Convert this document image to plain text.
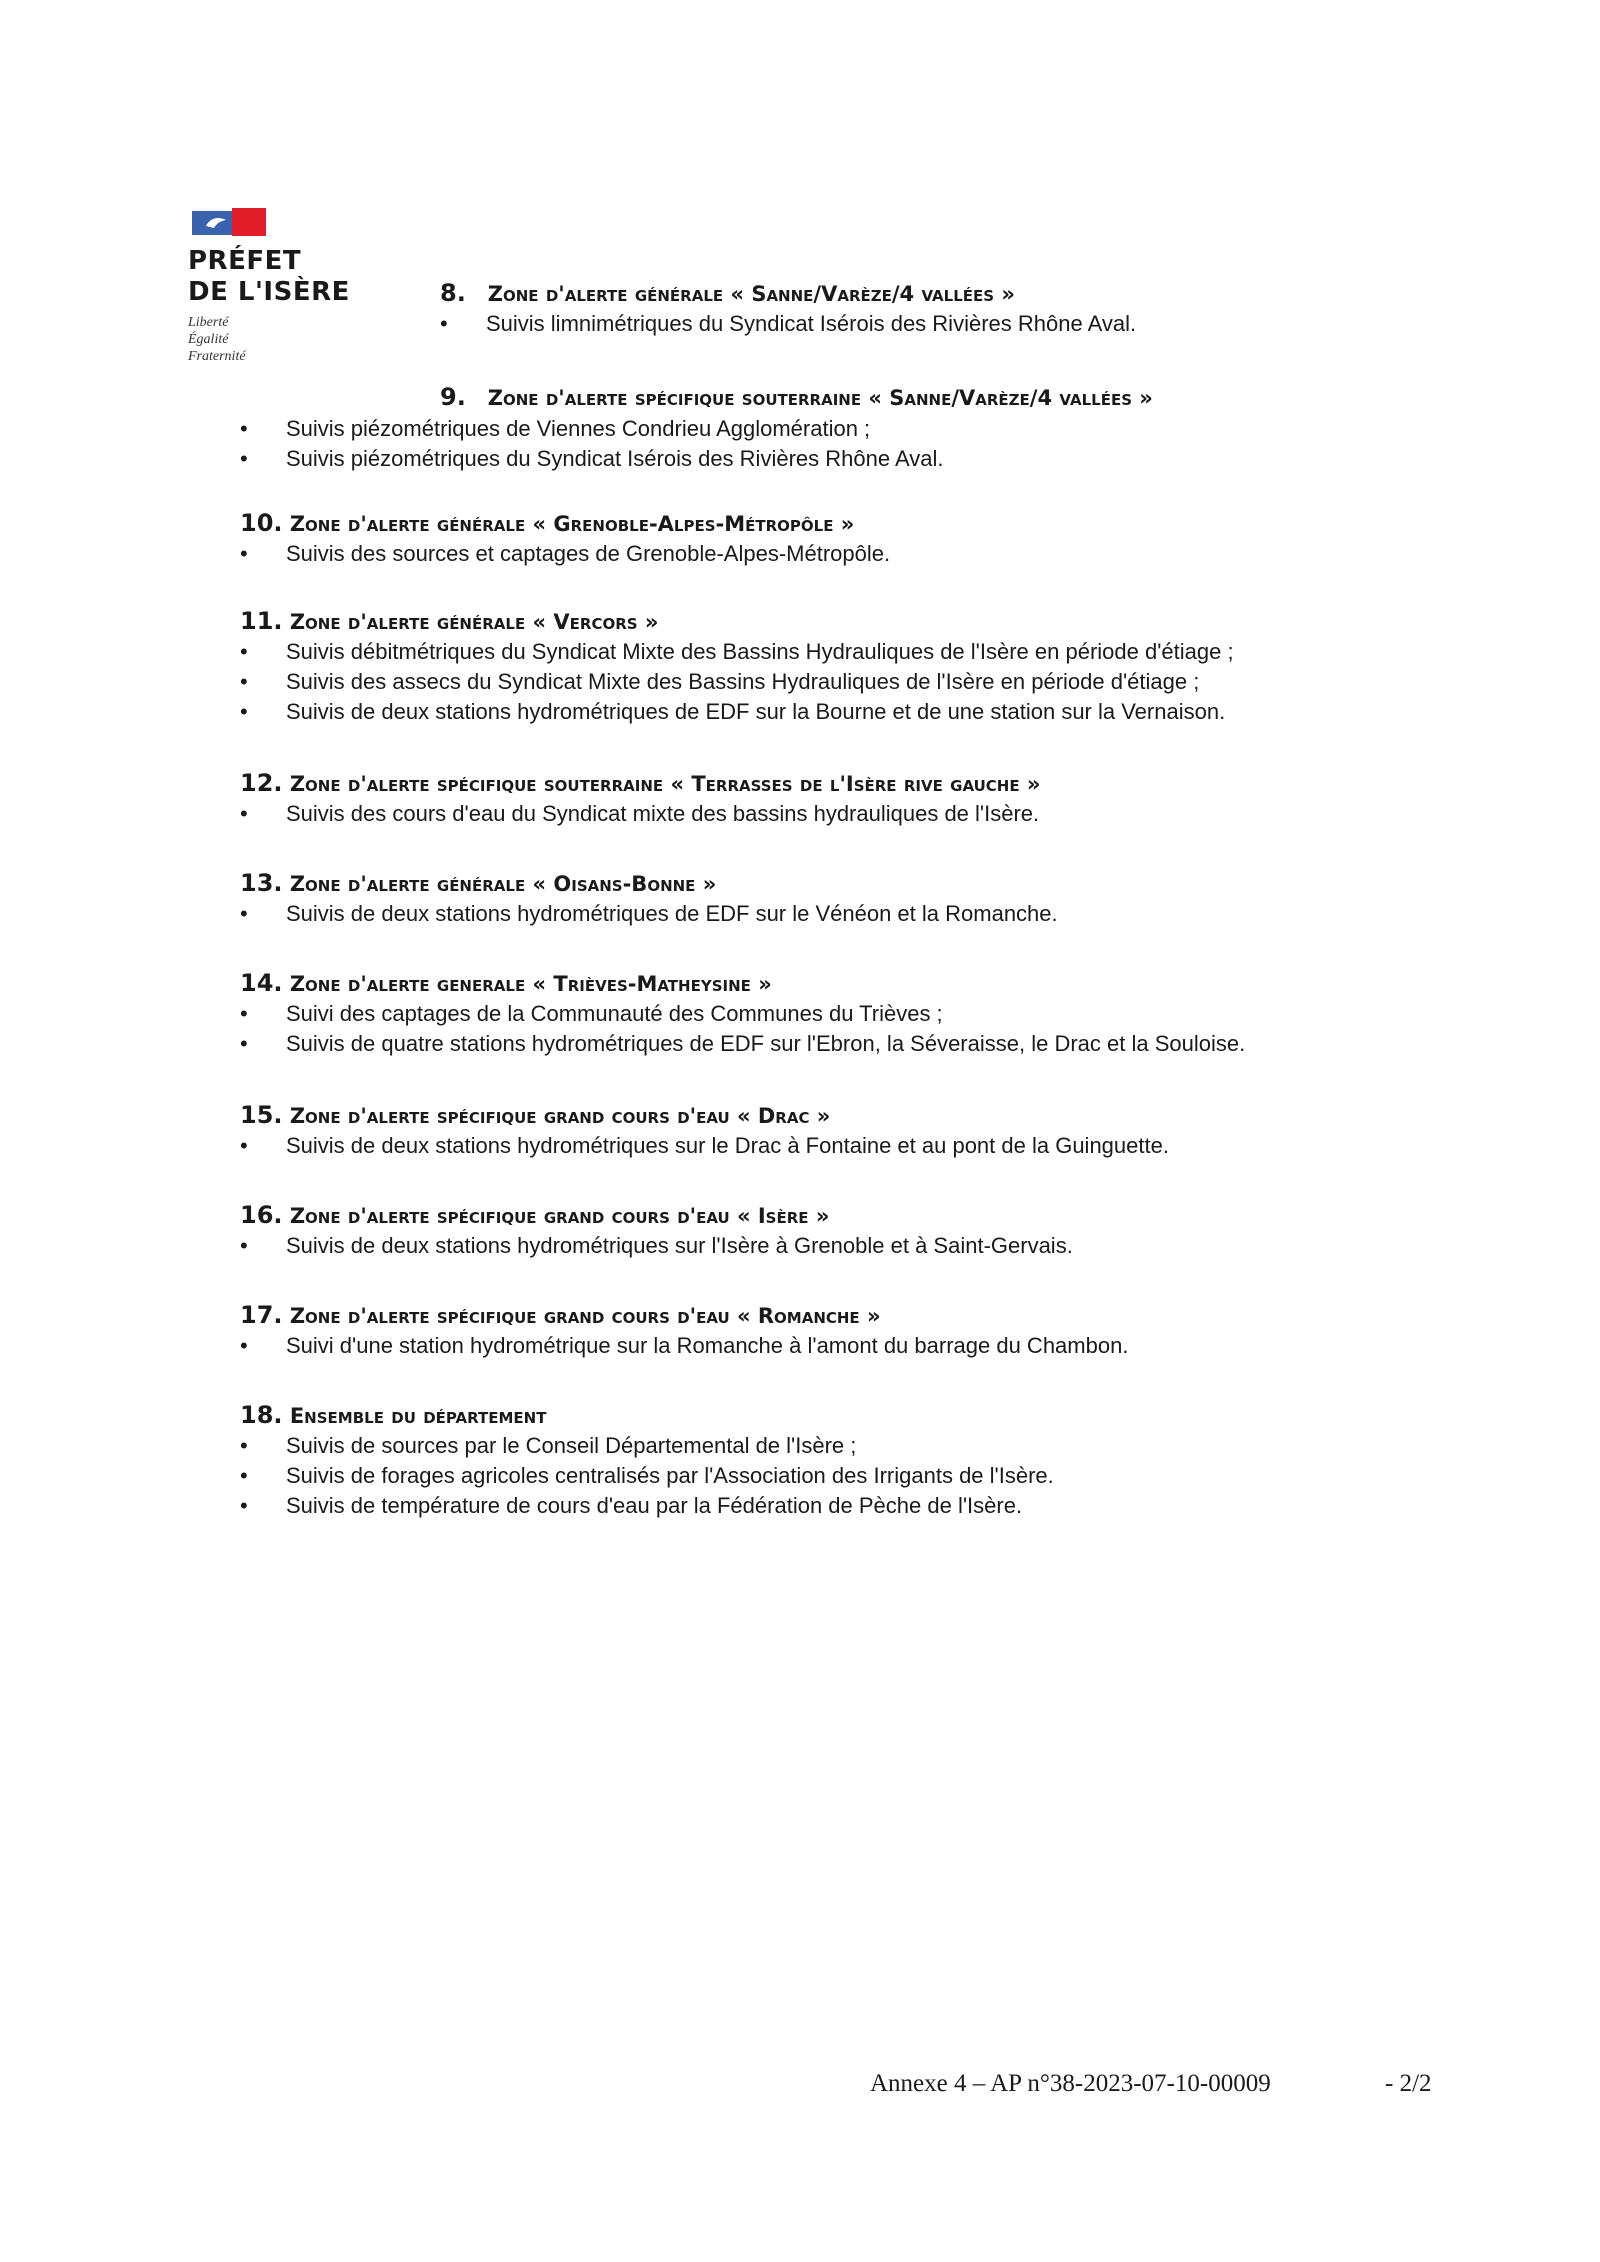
PRÉFET
DE L'ISÈRE
Liberté
Égalité
Fraternité
8. Zone d'alerte générale « Sanne/Varèze/4 vallées »
• Suivis limnimétriques du Syndicat Isérois des Rivières Rhône Aval.
9. Zone d'alerte spécifique souterraine « Sanne/Varèze/4 vallées »
• Suivis piézométriques de Viennes Condrieu Agglomération ;
• Suivis piézométriques du Syndicat Isérois des Rivières Rhône Aval.
10. Zone d'alerte générale « Grenoble-Alpes-Métropôle »
• Suivis des sources et captages de Grenoble-Alpes-Métropôle.
11. Zone d'alerte générale « Vercors »
• Suivis débitmétriques du Syndicat Mixte des Bassins Hydrauliques de l'Isère en période d'étiage ;
• Suivis des assecs du Syndicat Mixte des Bassins Hydrauliques de l'Isère en période d'étiage ;
• Suivis de deux stations hydrométriques de EDF sur la Bourne et de une station sur la Vernaison.
12. Zone d'alerte spécifique souterraine « Terrasses de l'Isère rive gauche »
• Suivis des cours d'eau du Syndicat mixte des bassins hydrauliques de l'Isère.
13. Zone d'alerte générale « Oisans-Bonne »
• Suivis de deux stations hydrométriques de EDF sur le Vénéon et la Romanche.
14. Zone d'alerte generale « Trièves-Matheysine »
• Suivi des captages de la Communauté des Communes du Trièves ;
• Suivis de quatre stations hydrométriques de EDF sur l'Ebron, la Séveraisse, le Drac et la Souloise.
15. Zone d'alerte spécifique grand cours d'eau « Drac »
• Suivis de deux stations hydrométriques sur le Drac à Fontaine et au pont de la Guinguette.
16. Zone d'alerte spécifique grand cours d'eau « Isère »
• Suivis de deux stations hydrométriques sur l'Isère à Grenoble et à Saint-Gervais.
17. Zone d'alerte spécifique grand cours d'eau « Romanche »
• Suivi d'une station hydrométrique sur la Romanche à l'amont du barrage du Chambon.
18. Ensemble du département
• Suivis de sources par le Conseil Départemental de l'Isère ;
• Suivis de forages agricoles centralisés par l'Association des Irrigants de l'Isère.
• Suivis de température de cours d'eau par la Fédération de Pèche de l'Isère.
Annexe 4 – AP n°38-2023-07-10-00009	- 2/2
